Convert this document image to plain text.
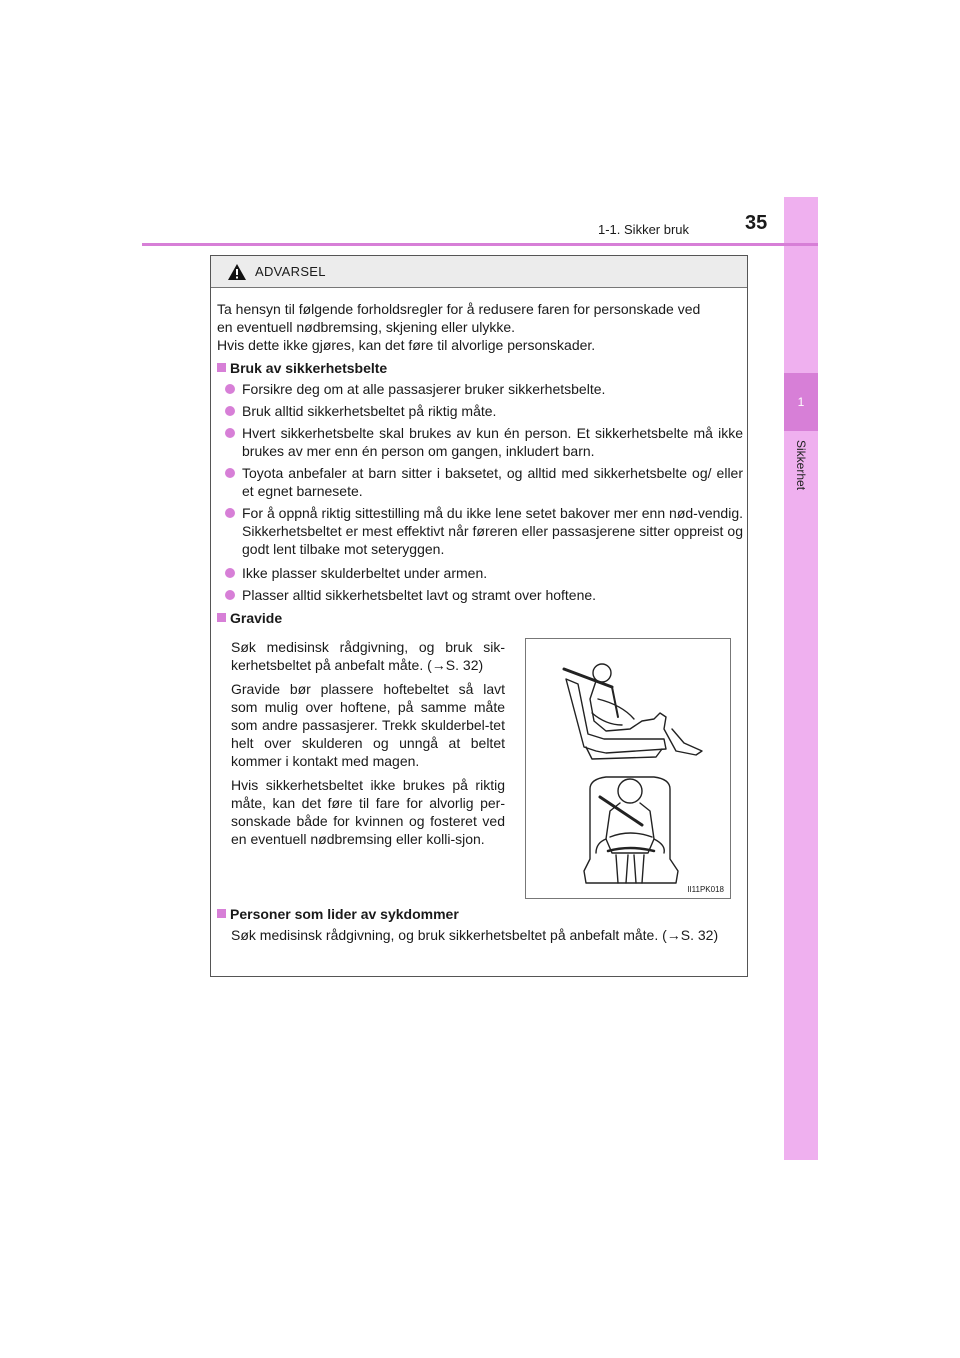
1
Sikkerhet
1-1. Sikker bruk	35
ADVARSEL
Ta hensyn til følgende forholdsregler for å redusere faren for personskade ved
en eventuell nødbremsing, skjening eller ulykke.
Hvis dette ikke gjøres, kan det føre til alvorlige personskader.
Bruk av sikkerhetsbelte
Forsikre deg om at alle passasjerer bruker sikkerhetsbelte.
Bruk alltid sikkerhetsbeltet på riktig måte.
Hvert sikkerhetsbelte skal brukes av kun én person. Et sikkerhetsbelte må ikke brukes av mer enn én person om gangen, inkludert barn.
Toyota anbefaler at barn sitter i baksetet, og alltid med sikkerhetsbelte og/ eller et egnet barnesete.
For å oppnå riktig sittestilling må du ikke lene setet bakover mer enn nød-vendig. Sikkerhetsbeltet er mest effektivt når føreren eller passasjerene sitter oppreist og godt lent tilbake mot seteryggen.
Ikke plasser skulderbeltet under armen.
Plasser alltid sikkerhetsbeltet lavt og stramt over hoftene.
Gravide
Søk medisinsk rådgivning, og bruk sik-kerhetsbeltet på anbefalt måte. (→S. 32)
Gravide bør plassere hoftebeltet så lavt som mulig over hoftene, på samme måte som andre passasjerer. Trekk skulderbel-tet helt over skulderen og unngå at beltet kommer i kontakt med magen.
Hvis sikkerhetsbeltet ikke brukes på riktig måte, kan det føre til fare for alvorlig per-sonskade både for kvinnen og fosteret ved en eventuell nødbremsing eller kolli-sjon.
II11PK018
Personer som lider av sykdommer
Søk medisinsk rådgivning, og bruk sikkerhetsbeltet på anbefalt måte. (→S. 32)
